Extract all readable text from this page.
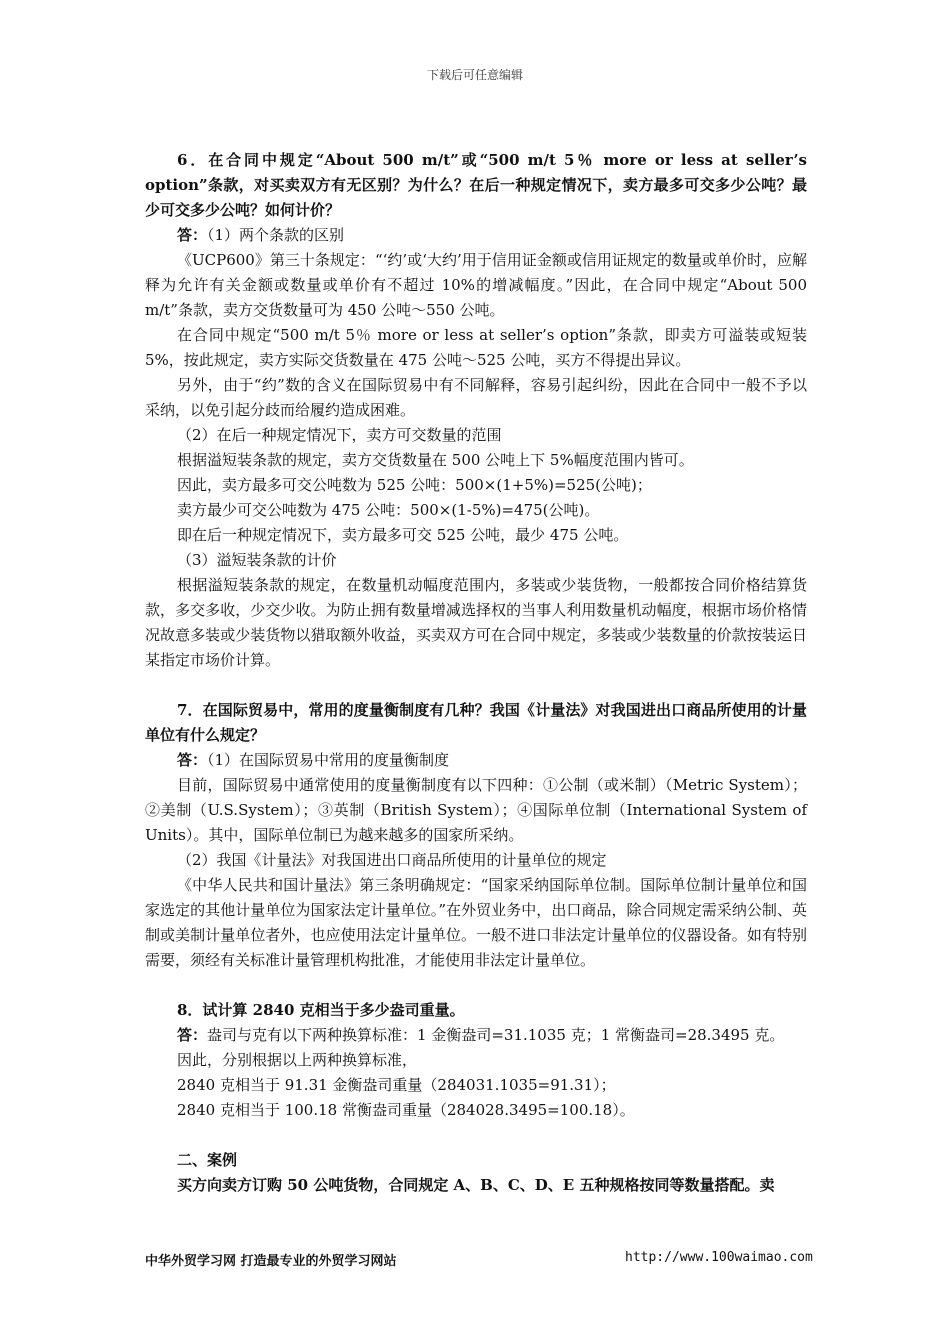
下载后可任意编辑

6．在合同中规定“About 500 m/t”或“500 m/t 5％ more or less at seller’s option”条款，对买卖双方有无区别？为什么？在后一种规定情况下，卖方最多可交多少公吨？最少可交多少公吨？如何计价？

答：（1）两个条款的区别

《UCP600》第三十条规定：“‘约’或‘大约’用于信用证金额或信用证规定的数量或单价时，应解释为允许有关金额或数量或单价有不超过 10%的增减幅度。”因此，在合同中规定“About 500 m/t”条款，卖方交货数量可为 450 公吨～550 公吨。

在合同中规定“500 m/t 5％ more or less at seller’s option”条款，即卖方可溢装或短装 5%，按此规定，卖方实际交货数量在 475 公吨～525 公吨，买方不得提出异议。

另外，由于“约”数的含义在国际贸易中有不同解释，容易引起纠纷，因此在合同中一般不予以采纳，以免引起分歧而给履约造成困难。

（2）在后一种规定情况下，卖方可交数量的范围

根据溢短装条款的规定，卖方交货数量在 500 公吨上下 5%幅度范围内皆可。

因此，卖方最多可交公吨数为 525 公吨：500×(1+5%)=525(公吨)；

卖方最少可交公吨数为 475 公吨：500×(1-5%)=475(公吨)。

即在后一种规定情况下，卖方最多可交 525 公吨，最少 475 公吨。

（3）溢短装条款的计价

根据溢短装条款的规定，在数量机动幅度范围内，多装或少装货物，一般都按合同价格结算货款，多交多收，少交少收。为防止拥有数量增减选择权的当事人利用数量机动幅度，根据市场价格情况故意多装或少装货物以猎取额外收益，买卖双方可在合同中规定，多装或少装数量的价款按装运日某指定市场价计算。

7．在国际贸易中，常用的度量衡制度有几种？我国《计量法》对我国进出口商品所使用的计量单位有什么规定？

答：（1）在国际贸易中常用的度量衡制度

目前，国际贸易中通常使用的度量衡制度有以下四种：①公制（或米制）（Metric System）；②美制（U.S.System）；③英制（British System）；④国际单位制（International System of Units）。其中，国际单位制已为越来越多的国家所采纳。

（2）我国《计量法》对我国进出口商品所使用的计量单位的规定

《中华人民共和国计量法》第三条明确规定：“国家采纳国际单位制。国际单位制计量单位和国家选定的其他计量单位为国家法定计量单位。”在外贸业务中，出口商品，除合同规定需采纳公制、英制或美制计量单位者外，也应使用法定计量单位。一般不进口非法定计量单位的仪器设备。如有特别需要，须经有关标准计量管理机构批准，才能使用非法定计量单位。

8．试计算 2840 克相当于多少盎司重量。

答：盎司与克有以下两种换算标准：1 金衡盎司=31.1035 克；1 常衡盎司=28.3495 克。

因此，分别根据以上两种换算标准，

2840 克相当于 91.31 金衡盎司重量（284031.1035=91.31）；

2840 克相当于 100.18 常衡盎司重量（284028.3495=100.18）。

二、案例

买方向卖方订购 50 公吨货物，合同规定 A、B、C、D、E 五种规格按同等数量搭配。卖

中华外贸学习网 打造最专业的外贸学习网站	http://www.100waimao.com
